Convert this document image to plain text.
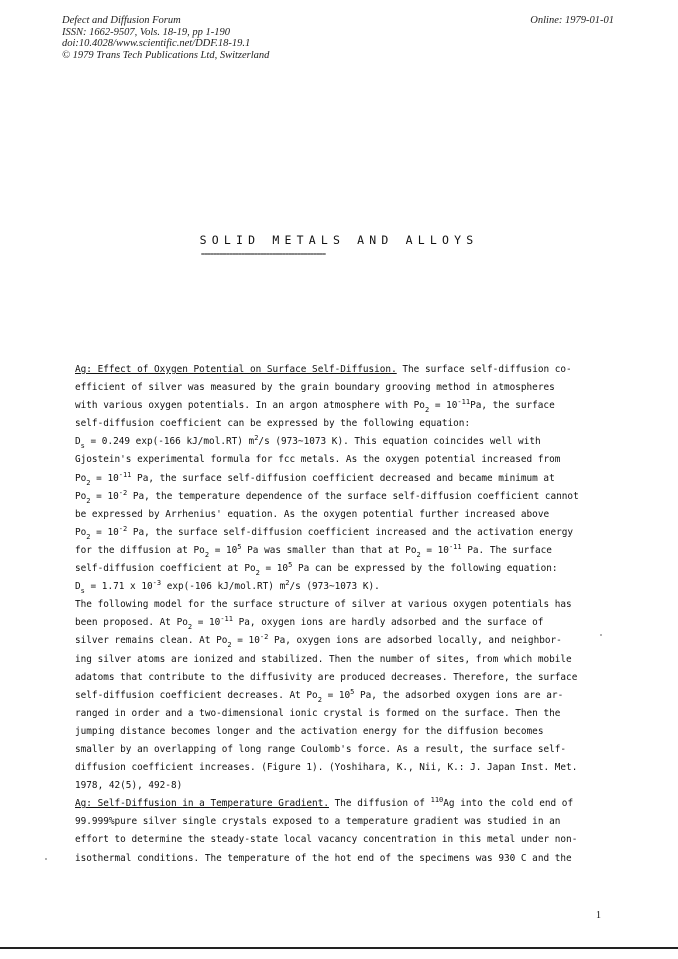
Defect and Diffusion Forum
ISSN: 1662-9507, Vols. 18-19, pp 1-190
doi:10.4028/www.scientific.net/DDF.18-19.1
© 1979 Trans Tech Publications Ltd, Switzerland
Online: 1979-01-01
SOLID METALS AND ALLOYS
========================================
Ag: Effect of Oxygen Potential on Surface Self-Diffusion. The surface self-diffusion co-
efficient of silver was measured by the grain boundary grooving method in atmospheres
with various oxygen potentials. In an argon atmosphere with $Po_2 = 10^{-11}Pa$, the surface
self-diffusion coefficient can be expressed by the following equation:
$D_s = 0.249$ exp(-166 kJ/mol.RT) $m^2/s$ (973~1073 K). This equation coincides well with
Gjostein's experimental formula for fcc metals. As the oxygen potential increased from
$Po_2 = 10^{-11}$ Pa, the surface self-diffusion coefficient decreased and became minimum at
$Po_2 = 10^{-2}$ Pa, the temperature dependence of the surface self-diffusion coefficient cannot
be expressed by Arrhenius' equation. As the oxygen potential further increased above
$Po_2 = 10^{-2}$ Pa, the surface self-diffusion coefficient increased and the activation energy
for the diffusion at $Po_2 = 10^5$ Pa was smaller than that at $Po_2 = 10^{-11}$ Pa. The surface
self-diffusion coefficient at $Po_2 = 10^5$ Pa can be expressed by the following equation:
$D_s = 1.71$ x $10^{-3}$ exp(-106 kJ/mol.RT) $m^2/s$ (973~1073 K).
The following model for the surface structure of silver at various oxygen potentials has
been proposed. At $Po_2 = 10^{-11}$ Pa, oxygen ions are hardly adsorbed and the surface of
silver remains clean. At $Po_2 = 10^{-2}$ Pa, oxygen ions are adsorbed locally, and neighbor-
ing silver atoms are ionized and stabilized. Then the number of sites, from which mobile
adatoms that contribute to the diffusivity are produced decreases. Therefore, the surface
self-diffusion coefficient decreases. At $Po_2 = 10^5$ Pa, the adsorbed oxygen ions are ar-
ranged in order and a two-dimensional ionic crystal is formed on the surface. Then the
jumping distance becomes longer and the activation energy for the diffusion becomes
smaller by an overlapping of long range Coulomb's force. As a result, the surface self-
diffusion coefficient increases. (Figure 1). (Yoshihara, K., Nii, K.: J. Japan Inst. Met.
1978, 42(5), 492-8)
Ag: Self-Diffusion in a Temperature Gradient. The diffusion of $^{110}$Ag into the cold end of
99.999%pure silver single crystals exposed to a temperature gradient was studied in an
effort to determine the steady-state local vacancy concentration in this metal under non-
isothermal conditions. The temperature of the hot end of the specimens was 930 C and the
1
